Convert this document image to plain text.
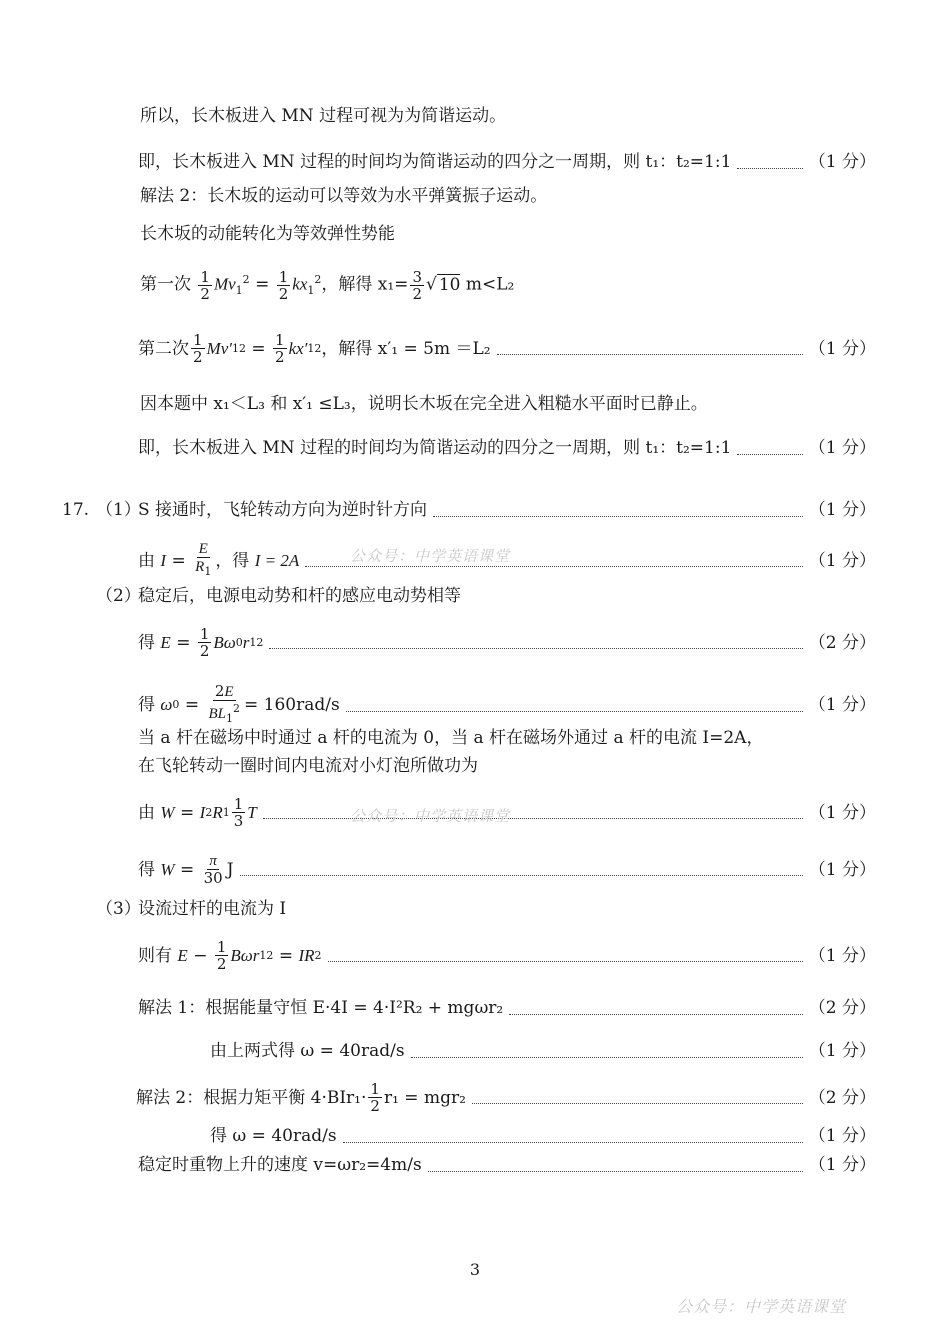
所以，长木板进入 MN 过程可视为为简谐运动。
即，长木板进入 MN 过程的时间均为简谐运动的四分之一周期，则 t₁：t₂=1:1	（1 分）
解法 2：长木坂的运动可以等效为水平弹簧振子运动。
长木坂的动能转化为等效弹性势能
第一次 $\frac{1}{2} Mv_1^2 = \frac{1}{2} kx_1^2$，解得 $x_1= \frac{3}{2}$ √ 10 m<L₂
第二次 $\frac{1}{2} Mv'$ 1 $2 = \frac{1}{2} kx'$ 1 2 ，解得 x′₁ = 5m ＝L₂	（1 分）
因本题中 x₁＜L₃ 和 x′₁ ≤L₃，说明长木坂在完全进入粗糙水平面时已静止。
即，长木板进入 MN 过程的时间均为简谐运动的四分之一周期，则 t₁：t₂=1:1	（1 分）
17. （1）
S 接通时，飞轮转动方向为逆时针方向	（1 分）
由
$I = \frac{E}{R_1}$ ，得
I = 2A	（1 分）
（2）
稳定后，电源电动势和杆的感应电动势相等
得
$E = \frac{1}{2}$ Bω 0 r 1 2	（2 分）
得
ω $0 = \frac{2E}{BL_1^2} = 160rad/s$	（1 分）
当 a 杆在磁场中时通过 a 杆的电流为 0，当 a 杆在磁场外通过 a 杆的电流 I=2A，
在飞轮转动一圈时间内电流对小灯泡所做功为
由
W = I 2 R $1 \frac{1}{3}$ T	（1 分）
得
$W = \frac{\pi}{30}$ J	（1 分）
（3）
设流过杆的电流为 I
则有
$E - \frac{1}{2}$ Bωr 1 2 = IR 2	（1 分）
解法 1：根据能量守恒 E·4I = 4·I²R₂ + mgωr₂	（2 分）
由上两式得 ω = 40rad/s	（1 分）
解法 2：根据力矩平衡 $4\cdot BIr_1\cdot \frac{1}{2} r_1 = mgr_2$	（2 分）
得 ω = 40rad/s	（1 分）
稳定时重物上升的速度 v=ωr₂=4m/s	（1 分）
公众号：中学英语课堂
公众号：中学英语课堂
公众号：中学英语课堂
3
